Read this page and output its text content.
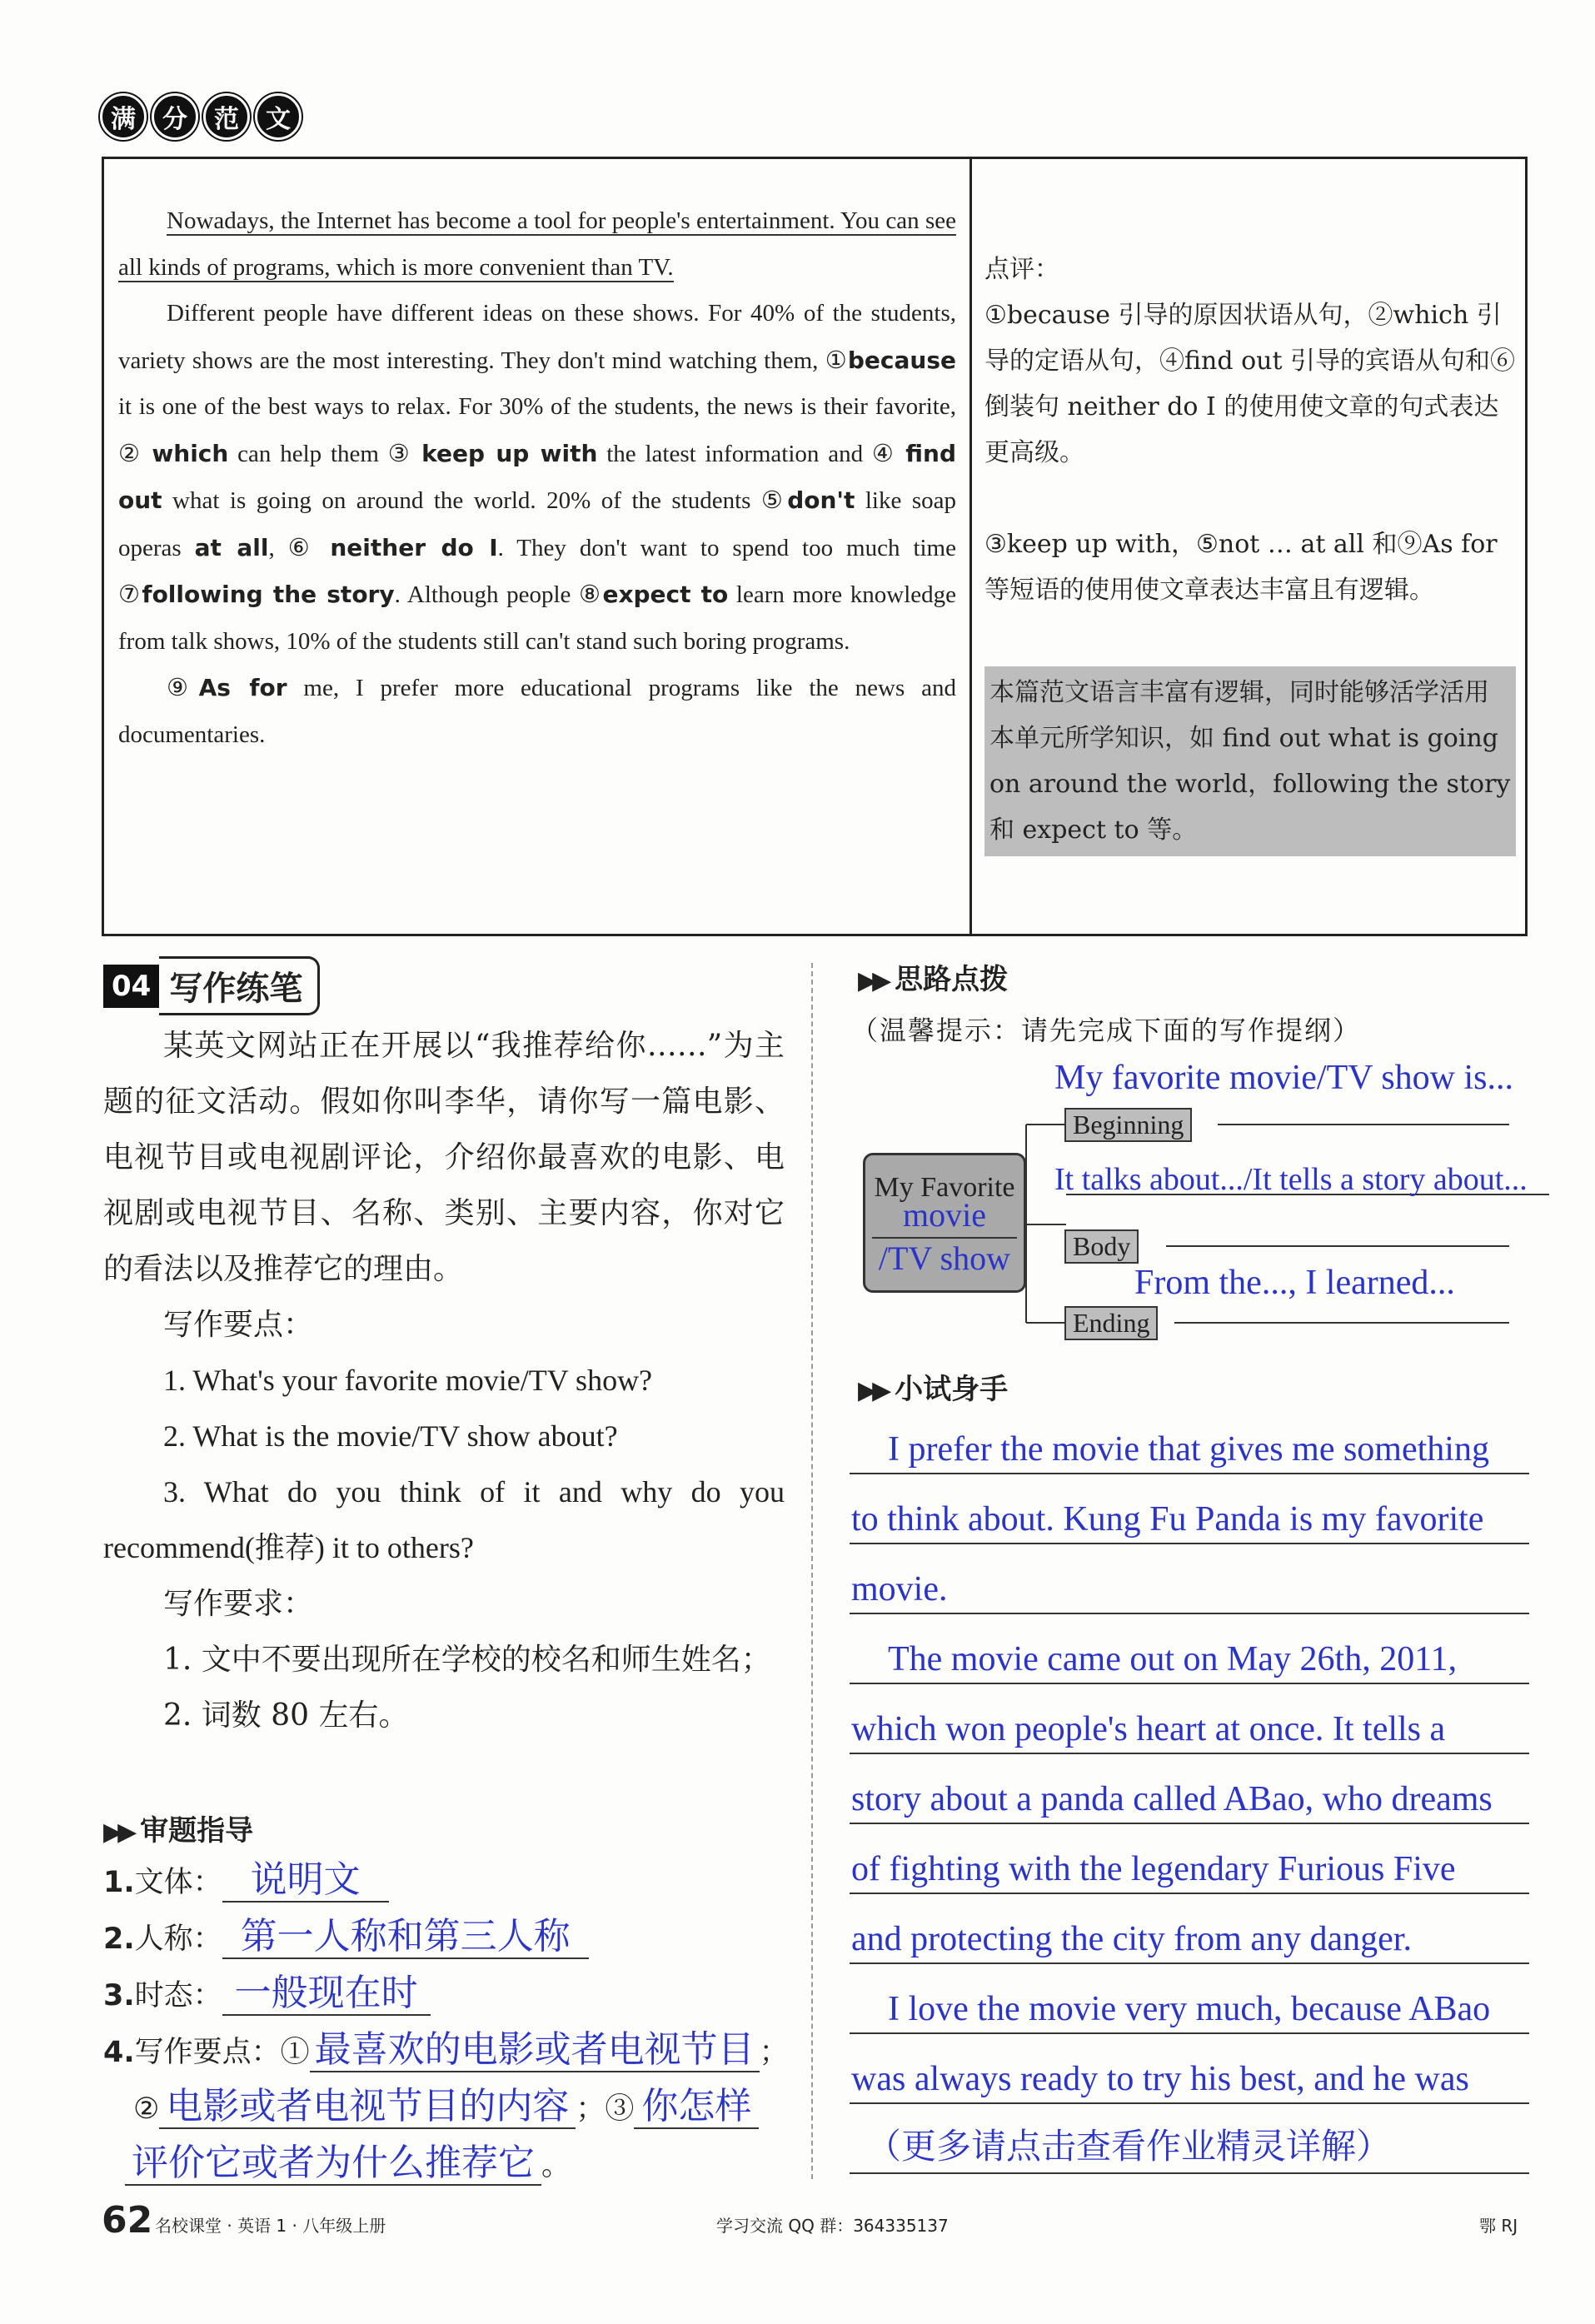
满	分	范	文

Nowadays, the Internet has become a tool for people's entertainment. You can see all kinds of programs, which is more convenient than TV.

Different people have different ideas on these shows. For 40% of the students, variety shows are the most interesting. They don't mind watching them, ①because it is one of the best ways to relax. For 30% of the students, the news is their favorite, ② which can help them ③ keep up with the latest information and ④ find out what is going on around the world. 20% of the students ⑤don't like soap operas at all, ⑥ neither do I. They don't want to spend too much time ⑦following the story. Although people ⑧expect to learn more knowledge from talk shows, 10% of the students still can't stand such boring programs.

⑨As for me, I prefer more educational programs like the news and documentaries.

点评：

①because 引导的原因状语从句，②which 引导的定语从句，④find out 引导的宾语从句和⑥倒装句 neither do I 的使用使文章的句式表达更高级。

③keep up with，⑤not … at all 和⑨As for 等短语的使用使文章表达丰富且有逻辑。

本篇范文语言丰富有逻辑，同时能够活学活用本单元所学知识，如 find out what is going on around the world，following the story 和 expect to 等。
04 写作练笔

某英文网站正在开展以“我推荐给你……”为主题的征文活动。假如你叫李华，请你写一篇电影、电视节目或电视剧评论，介绍你最喜欢的电影、电视剧或电视节目、名称、类别、主要内容，你对它的看法以及推荐它的理由。

写作要点：

1. What's your favorite movie/TV show?

2. What is the movie/TV show about?

3. What do you think of it and why do you recommend(推荐) it to others?

写作要求：

1. 文中不要出现所在学校的校名和师生姓名；

2. 词数 80 左右。

▶▶ 审题指导
1.文体： 说明文
2.人称： 第一人称和第三人称
3.时态： 一般现在时
4.写作要点：① 最喜欢的电影或者电视节目 ；
② 电影或者电视节目的内容 ；③ 你怎样
评价它或者为什么推荐它 。
▶▶ 思路点拨
（温馨提示：请先完成下面的写作提纲）
My Favorite
movie
/TV show
Beginning
Body
Ending
My favorite movie/TV show is...
It talks about.../It tells a story about...
From the..., I learned...
▶▶ 小试身手
I prefer the movie that gives me something
to think about. Kung Fu Panda is my favorite
movie.
The movie came out on May 26th, 2011,
which won people's heart at once. It tells a
story about a panda called ABao, who dreams
of fighting with the legendary Furious Five
and protecting the city from any danger.
I love the movie very much, because ABao
was always ready to try his best, and he was
（更多请点击查看作业精灵详解）
62 名校课堂 · 英语 1 · 八年级上册	学习交流 QQ 群：364335137	鄂 RJ
